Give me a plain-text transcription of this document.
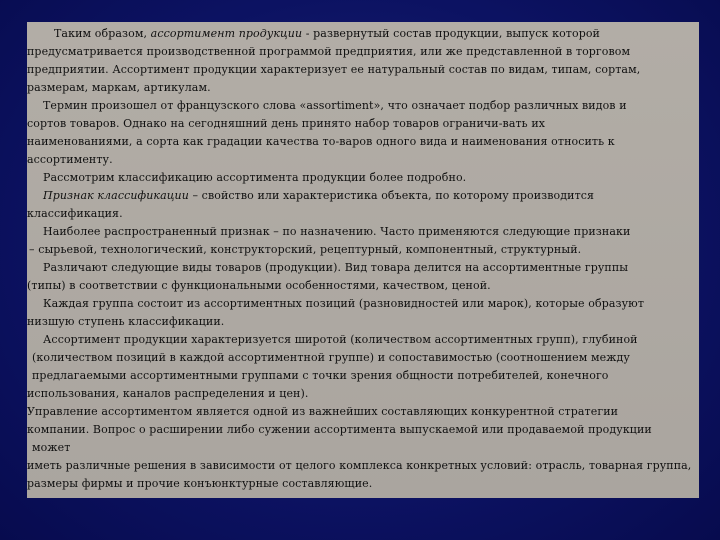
Таким образом, ассортимент продукции - развернутый состав продукции, выпуск которой
предусматривается производственной программой предприятия, или же представленной в торговом
предприятии. Ассортимент продукции характеризует ее натуральный состав по видам, типам, сортам,
размерам, маркам, артикулам.
Термин произошел от французского слова «assortiment», что означает подбор различных видов и
сортов товаров. Однако на сегодняшний день принято набор товаров ограничи-вать их
наименованиями, а сорта как градации качества то-варов одного вида и наименования относить к
ассортименту.
Рассмотрим классификацию ассортимента продукции более подробно.
Признак классификации – свойство или характеристика объекта, по которому производится
классификация.
Наиболее распространенный признак – по назначению. Часто применяются следующие признаки
– сырьевой, технологический, конструкторский, рецептурный, компонентный, структурный.
Различают следующие виды товаров (продукции). Вид товара делится на ассортиментные группы
(типы) в соответствии с функциональными особенностями, качеством, ценой.
Каждая группа состоит из ассортиментных позиций (разновидностей или марок), которые образуют
низшую ступень классификации.
Ассортимент продукции характеризуется широтой (количеством ассортиментных групп), глубиной
(количеством позиций в каждой ассортиментной группе) и сопоставимостью (соотношением между
предлагаемыми ассортиментными группами с точки зрения общности потребителей, конечного
использования, каналов распределения и цен).
Управление ассортиментом является одной из важнейших составляющих конкурентной стратегии
компании. Вопрос о расширении либо сужении ассортимента выпускаемой или продаваемой продукции
может
иметь различные решения в зависимости от целого комплекса конкретных условий: отрасль, товарная группа,
размеры фирмы и прочие конъюнктурные составляющие.
